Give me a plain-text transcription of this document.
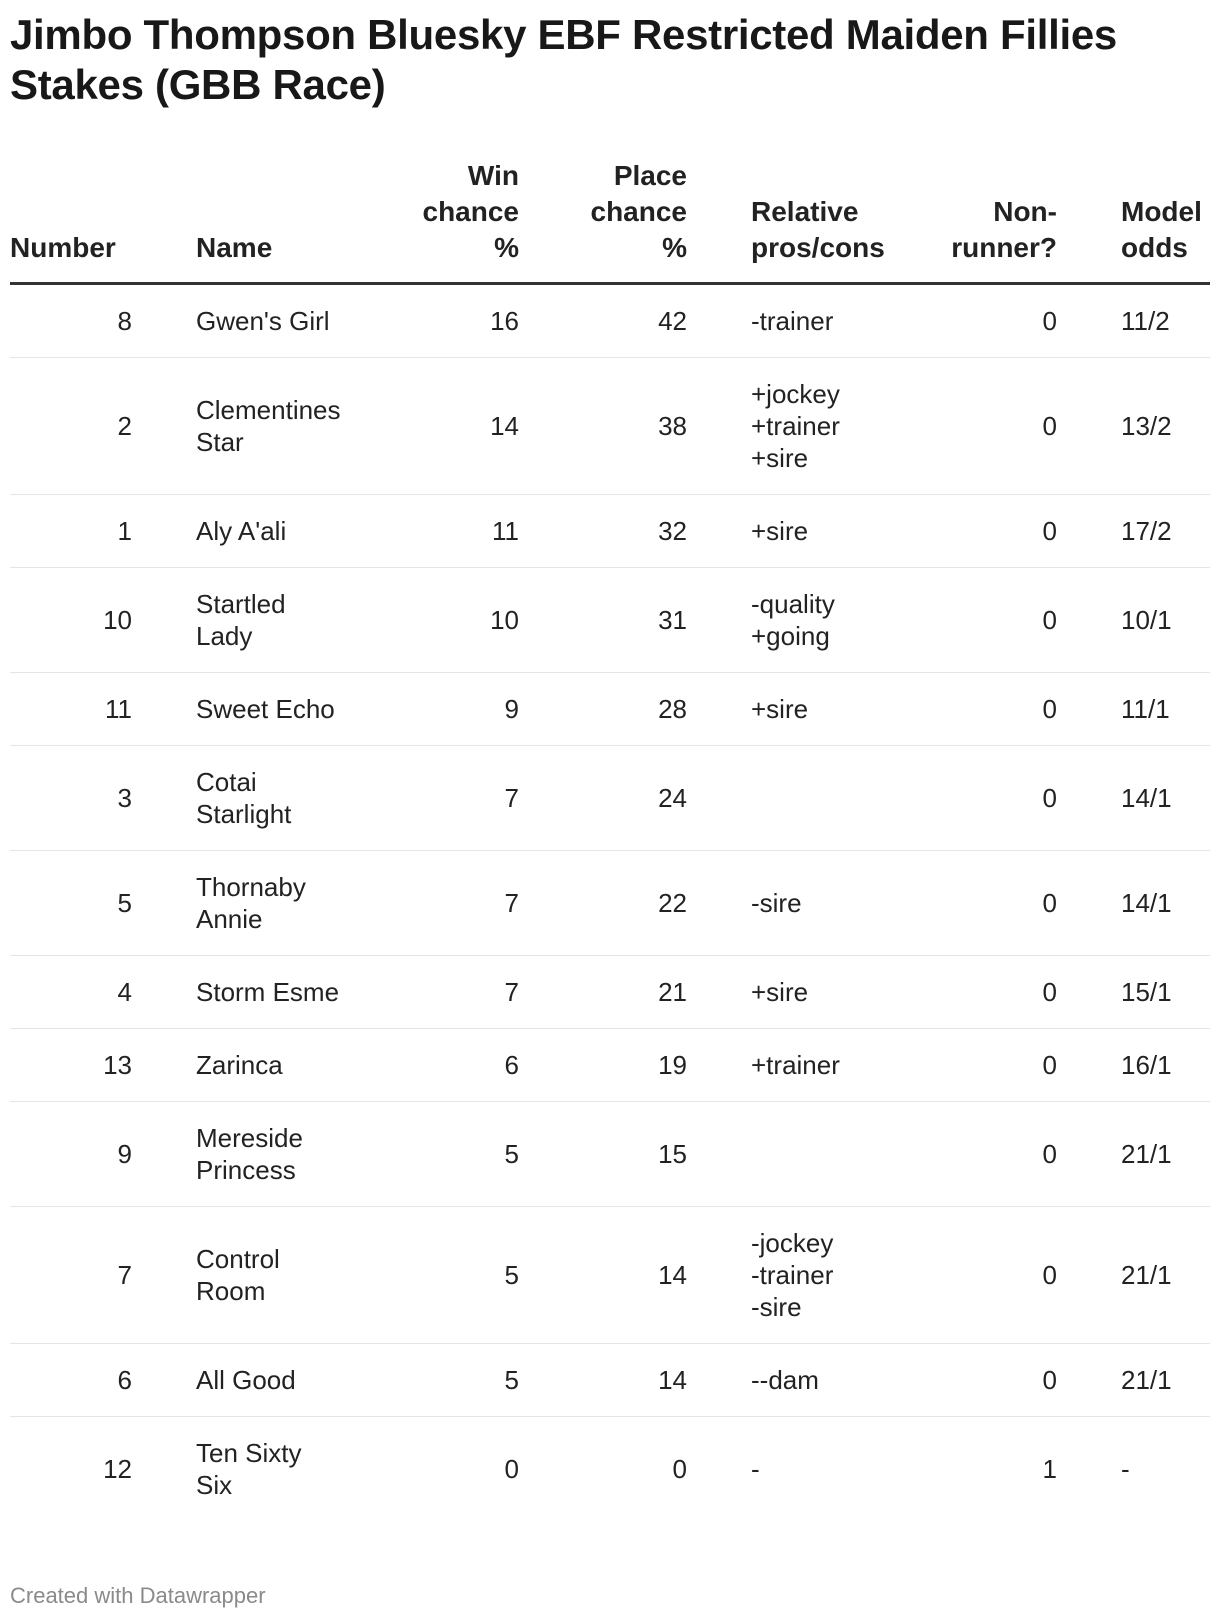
Jimbo Thompson Bluesky EBF Restricted Maiden Fillies Stakes (GBB Race)
Number		Name	Win
chance
%	Place
chance
%		Relative
pros/cons	Non-
runner?		Model
odds
8		Gwen's Girl	16	42		-trainer	0		11/2
2		Clementines
Star	14	38		+jockey
+trainer
+sire	0		13/2
1		Aly A'ali	11	32		+sire	0		17/2
10		Startled
Lady	10	31		-quality
+going	0		10/1
11		Sweet Echo	9	28		+sire	0		11/1
3		Cotai
Starlight	7	24			0		14/1
5		Thornaby
Annie	7	22		-sire	0		14/1
4		Storm Esme	7	21		+sire	0		15/1
13		Zarinca	6	19		+trainer	0		16/1
9		Mereside
Princess	5	15			0		21/1
7		Control
Room	5	14		-jockey
-trainer
-sire	0		21/1
6		All Good	5	14		--dam	0		21/1
12		Ten Sixty
Six	0	0		-	1		-
Created with Datawrapper
